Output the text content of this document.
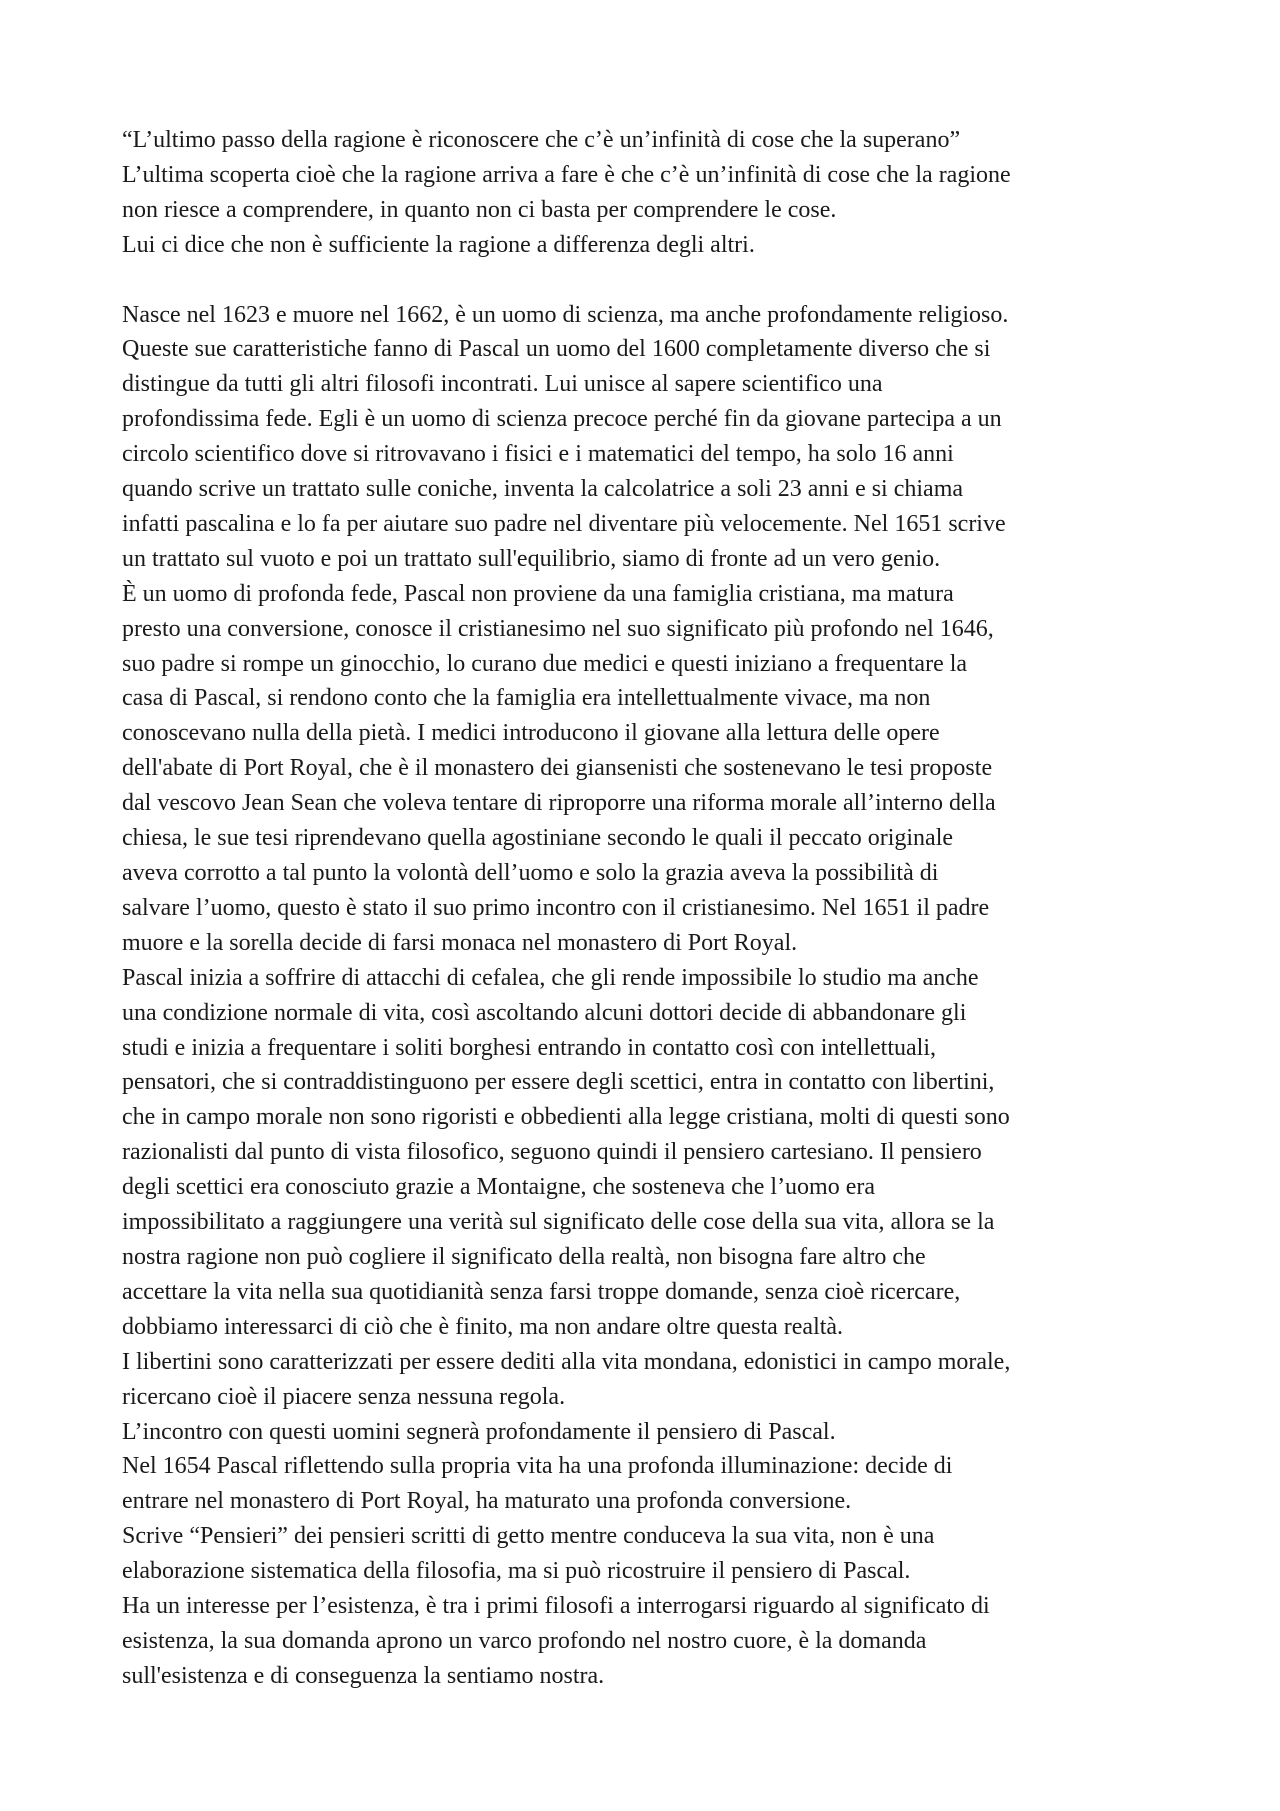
“L’ultimo passo della ragione è riconoscere che c’è un’infinità di cose che la superano”
L’ultima scoperta cioè che la ragione arriva a fare è che c’è un’infinità di cose che la ragione
non riesce a comprendere, in quanto non ci basta per comprendere le cose.
Lui ci dice che non è sufficiente la ragione a differenza degli altri.

Nasce nel 1623 e muore nel 1662, è un uomo di scienza, ma anche profondamente religioso.
Queste sue caratteristiche fanno di Pascal un uomo del 1600 completamente diverso che si
distingue da tutti gli altri filosofi incontrati. Lui unisce al sapere scientifico una
profondissima fede. Egli è un uomo di scienza precoce perché fin da giovane partecipa a un
circolo scientifico dove si ritrovavano i fisici e i matematici del tempo, ha solo 16 anni
quando scrive un trattato sulle coniche, inventa la calcolatrice a soli 23 anni e si chiama
infatti pascalina e lo fa per aiutare suo padre nel diventare più velocemente. Nel 1651 scrive
un trattato sul vuoto e poi un trattato sull'equilibrio, siamo di fronte ad un vero genio.

È un uomo di profonda fede, Pascal non proviene da una famiglia cristiana, ma matura
presto una conversione, conosce il cristianesimo nel suo significato più profondo nel 1646,
suo padre si rompe un ginocchio, lo curano due medici e questi iniziano a frequentare la
casa di Pascal, si rendono conto che la famiglia era intellettualmente vivace, ma non
conoscevano nulla della pietà. I medici introducono il giovane alla lettura delle opere
dell'abate di Port Royal, che è il monastero dei giansenisti che sostenevano le tesi proposte
dal vescovo Jean Sean che voleva tentare di riproporre una riforma morale all’interno della
chiesa, le sue tesi riprendevano quella agostiniane secondo le quali il peccato originale
aveva corrotto a tal punto la volontà dell’uomo e solo la grazia aveva la possibilità di
salvare l’uomo, questo è stato il suo primo incontro con il cristianesimo. Nel 1651 il padre
muore e la sorella decide di farsi monaca nel monastero di Port Royal.

Pascal inizia a soffrire di attacchi di cefalea, che gli rende impossibile lo studio ma anche
una condizione normale di vita, così ascoltando alcuni dottori decide di abbandonare gli
studi e inizia a frequentare i soliti borghesi entrando in contatto così con intellettuali,
pensatori, che si contraddistinguono per essere degli scettici, entra in contatto con libertini,
che in campo morale non sono rigoristi e obbedienti alla legge cristiana, molti di questi sono
razionalisti dal punto di vista filosofico, seguono quindi il pensiero cartesiano. Il pensiero
degli scettici era conosciuto grazie a Montaigne, che sosteneva che l’uomo era
impossibilitato a raggiungere una verità sul significato delle cose della sua vita, allora se la
nostra ragione non può cogliere il significato della realtà, non bisogna fare altro che
accettare la vita nella sua quotidianità senza farsi troppe domande, senza cioè ricercare,
dobbiamo interessarci di ciò che è finito, ma non andare oltre questa realtà.

I libertini sono caratterizzati per essere dediti alla vita mondana, edonistici in campo morale,
ricercano cioè il piacere senza nessuna regola.

L’incontro con questi uomini segnerà profondamente il pensiero di Pascal.

Nel 1654 Pascal riflettendo sulla propria vita ha una profonda illuminazione: decide di
entrare nel monastero di Port Royal, ha maturato una profonda conversione.

Scrive “Pensieri” dei pensieri scritti di getto mentre conduceva la sua vita, non è una
elaborazione sistematica della filosofia, ma si può ricostruire il pensiero di Pascal.

Ha un interesse per l’esistenza, è tra i primi filosofi a interrogarsi riguardo al significato di
esistenza, la sua domanda aprono un varco profondo nel nostro cuore, è la domanda
sull'esistenza e di conseguenza la sentiamo nostra.
